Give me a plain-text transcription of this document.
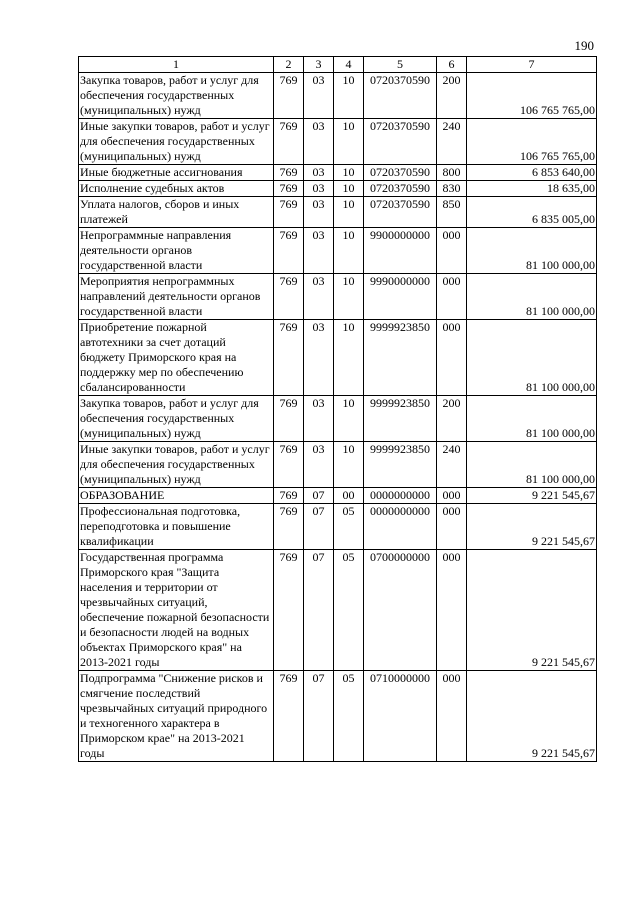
190
1	2	3	4	5	6	7
Закупка товаров, работ и услуг для обеспечения государственных (муниципальных) нужд	769	03	10	0720370590	200	106 765 765,00
Иные закупки товаров, работ и услуг для обеспечения государственных (муниципальных) нужд	769	03	10	0720370590	240	106 765 765,00
Иные бюджетные ассигнования	769	03	10	0720370590	800	6 853 640,00
Исполнение судебных актов	769	03	10	0720370590	830	18 635,00
Уплата налогов, сборов и иных платежей	769	03	10	0720370590	850	6 835 005,00
Непрограммные направления деятельности органов государственной власти	769	03	10	9900000000	000	81 100 000,00
Мероприятия непрограммных направлений деятельности органов государственной власти	769	03	10	9990000000	000	81 100 000,00
Приобретение пожарной автотехники за счет дотаций бюджету Приморского края на поддержку мер по обеспечению сбалансированности	769	03	10	9999923850	000	81 100 000,00
Закупка товаров, работ и услуг для обеспечения государственных (муниципальных) нужд	769	03	10	9999923850	200	81 100 000,00
Иные закупки товаров, работ и услуг для обеспечения государственных (муниципальных) нужд	769	03	10	9999923850	240	81 100 000,00
ОБРАЗОВАНИЕ	769	07	00	0000000000	000	9 221 545,67
Профессиональная подготовка, переподготовка и повышение квалификации	769	07	05	0000000000	000	9 221 545,67
Государственная программа Приморского края "Защита населения и территории от чрезвычайных ситуаций, обеспечение пожарной безопасности и безопасности людей на водных объектах Приморского края" на 2013-2021 годы	769	07	05	0700000000	000	9 221 545,67
Подпрограмма "Снижение рисков и смягчение последствий чрезвычайных ситуаций природного и техногенного характера в Приморском крае" на 2013-2021 годы	769	07	05	0710000000	000	9 221 545,67
